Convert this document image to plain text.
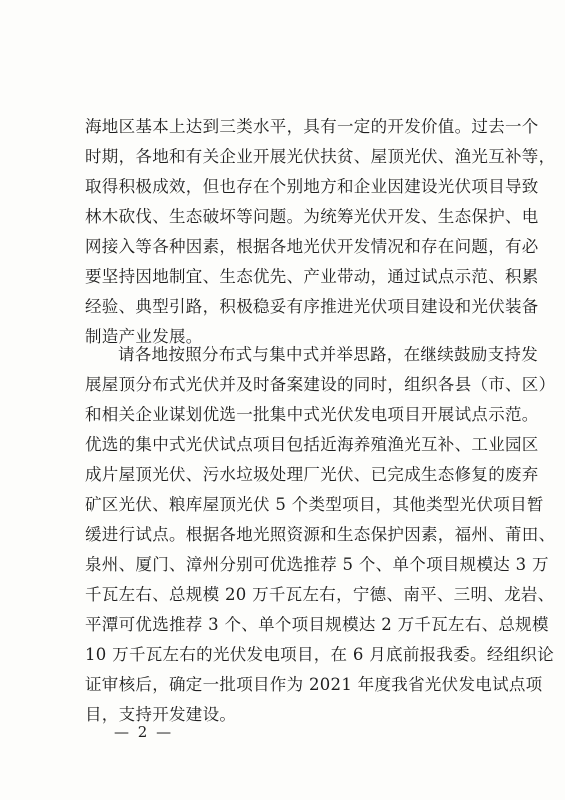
海地区基本上达到三类水平，具有一定的开发价值。过去一个
时期，各地和有关企业开展光伏扶贫、屋顶光伏、渔光互补等，
取得积极成效，但也存在个别地方和企业因建设光伏项目导致
林木砍伐、生态破坏等问题。为统筹光伏开发、生态保护、电
网接入等各种因素，根据各地光伏开发情况和存在问题，有必
要坚持因地制宜、生态优先、产业带动，通过试点示范、积累
经验、典型引路，积极稳妥有序推进光伏项目建设和光伏装备
制造产业发展。
请各地按照分布式与集中式并举思路，在继续鼓励支持发
展屋顶分布式光伏并及时备案建设的同时，组织各县（市、区）
和相关企业谋划优选一批集中式光伏发电项目开展试点示范。
优选的集中式光伏试点项目包括近海养殖渔光互补、工业园区
成片屋顶光伏、污水垃圾处理厂光伏、已完成生态修复的废弃
矿区光伏、粮库屋顶光伏 5 个类型项目，其他类型光伏项目暂
缓进行试点。根据各地光照资源和生态保护因素，福州、莆田、
泉州、厦门、漳州分别可优选推荐 5 个、单个项目规模达 3 万
千瓦左右、总规模 20 万千瓦左右，宁德、南平、三明、龙岩、
平潭可优选推荐 3 个、单个项目规模达 2 万千瓦左右、总规模
10 万千瓦左右的光伏发电项目，在 6 月底前报我委。经组织论
证审核后，确定一批项目作为 2021 年度我省光伏发电试点项
目，支持开发建设。
— 2 —
